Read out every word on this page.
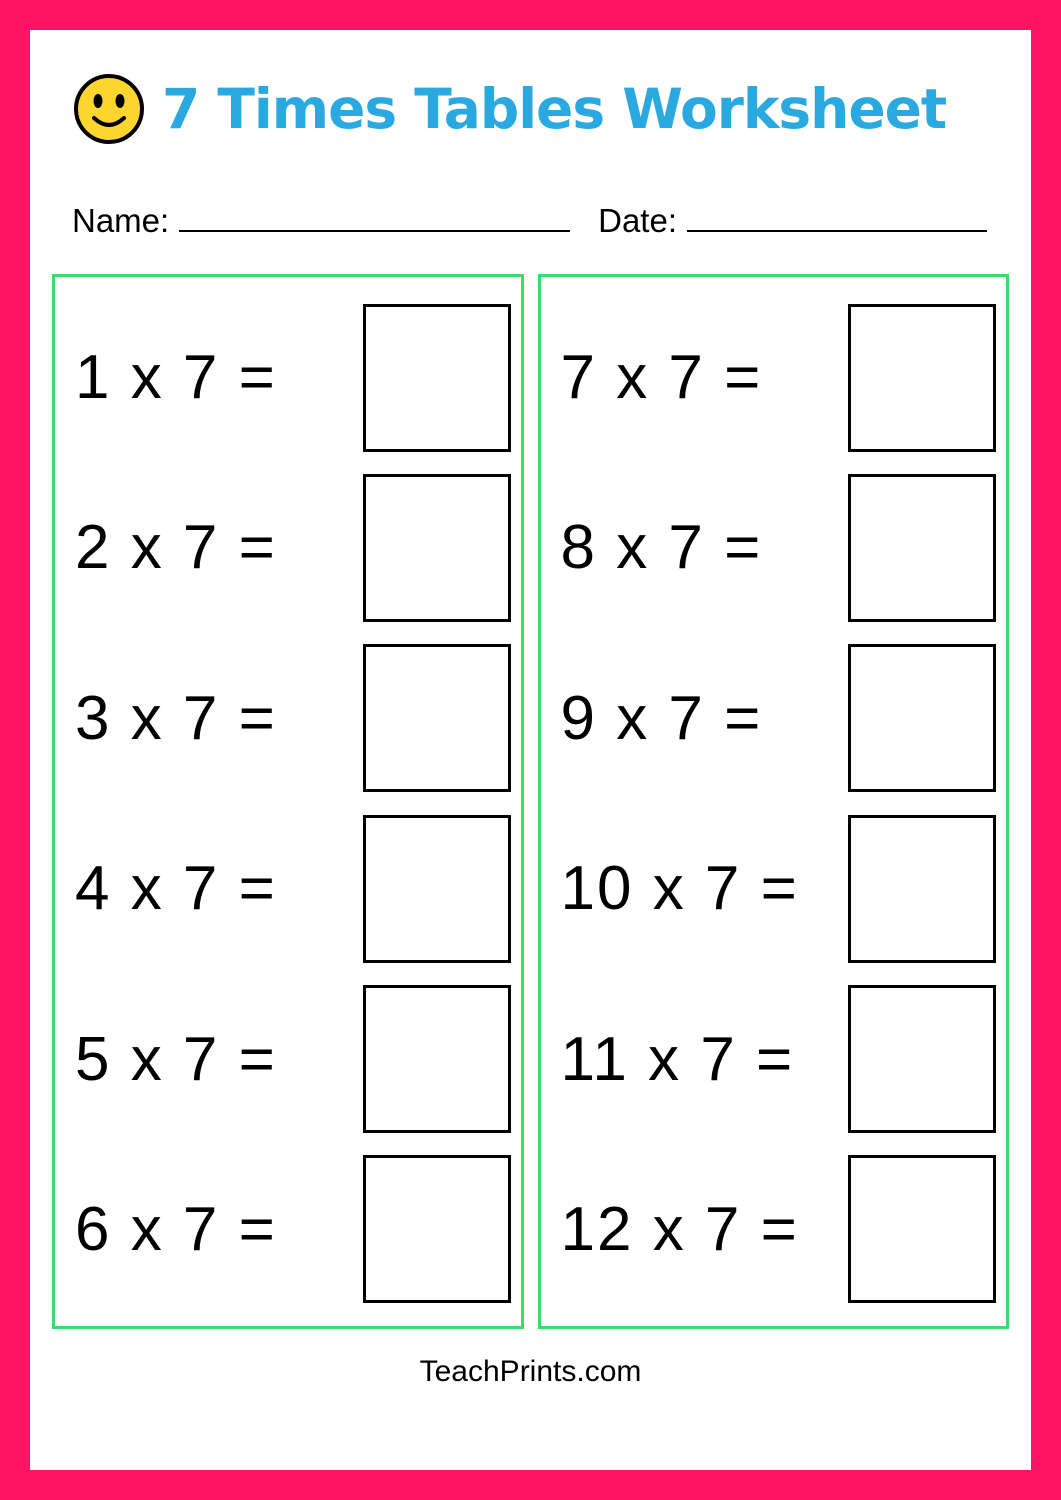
7 Times Tables Worksheet
Name:	Date:
1 x 7 =
2 x 7 =
3 x 7 =
4 x 7 =
5 x 7 =
6 x 7 =
7 x 7 =
8 x 7 =
9 x 7 =
10 x 7 =
11 x 7 =
12 x 7 =
TeachPrints.com
